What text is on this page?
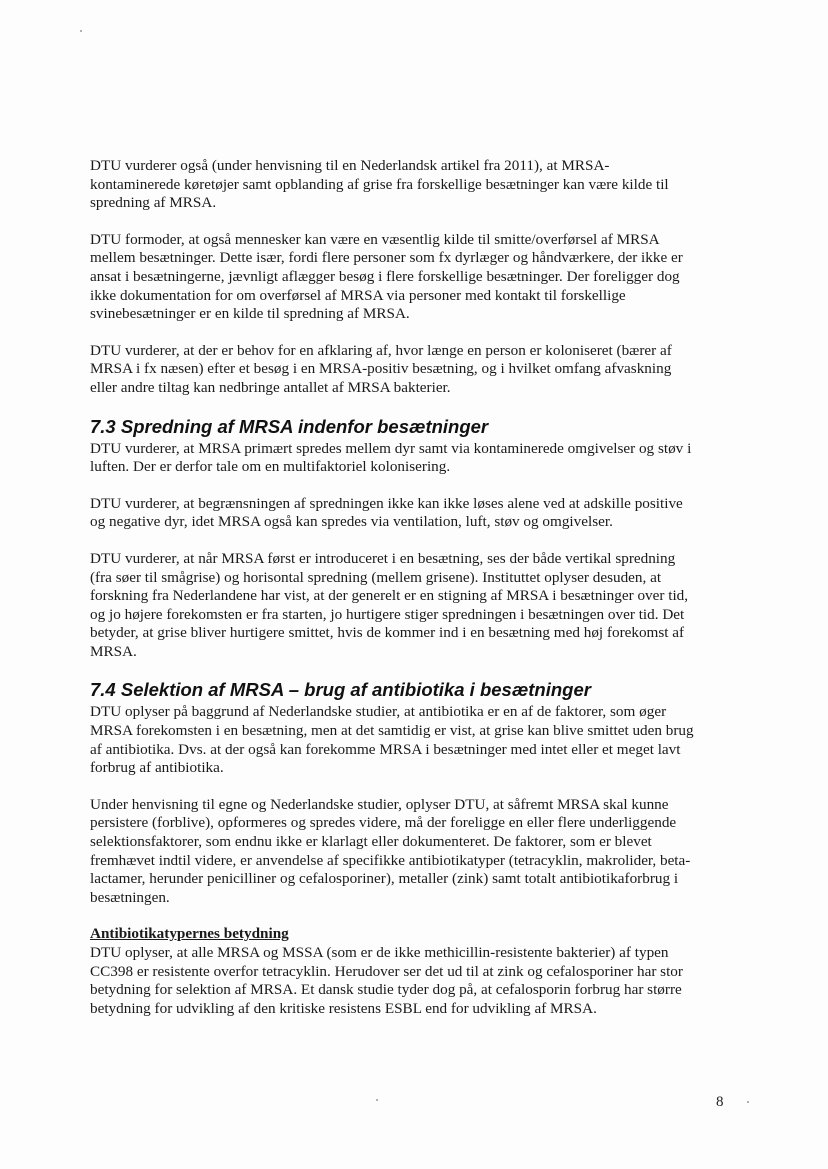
DTU vurderer også (under henvisning til en Nederlandsk artikel fra 2011), at MRSA-
kontaminerede køretøjer samt opblanding af grise fra forskellige besætninger kan være kilde til
spredning af MRSA.
DTU formoder, at også mennesker kan være en væsentlig kilde til smitte/overførsel af MRSA
mellem besætninger. Dette især, fordi flere personer som fx dyrlæger og håndværkere, der ikke er
ansat i besætningerne, jævnligt aflægger besøg i flere forskellige besætninger. Der foreligger dog
ikke dokumentation for om overførsel af MRSA via personer med kontakt til forskellige
svinebesætninger er en kilde til spredning af MRSA.
DTU vurderer, at der er behov for en afklaring af, hvor længe en person er koloniseret (bærer af
MRSA i fx næsen) efter et besøg i en MRSA-positiv besætning, og i hvilket omfang afvaskning
eller andre tiltag kan nedbringe antallet af MRSA bakterier.
7.3 Spredning af MRSA indenfor besætninger
DTU vurderer, at MRSA primært spredes mellem dyr samt via kontaminerede omgivelser og støv i
luften. Der er derfor tale om en multifaktoriel kolonisering.
DTU vurderer, at begrænsningen af spredningen ikke kan ikke løses alene ved at adskille positive
og negative dyr, idet MRSA også kan spredes via ventilation, luft, støv og omgivelser.
DTU vurderer, at når MRSA først er introduceret i en besætning, ses der både vertikal spredning
(fra søer til smågrise) og horisontal spredning (mellem grisene). Instituttet oplyser desuden, at
forskning fra Nederlandene har vist, at der generelt er en stigning af MRSA i besætninger over tid,
og jo højere forekomsten er fra starten, jo hurtigere stiger spredningen i besætningen over tid. Det
betyder, at grise bliver hurtigere smittet, hvis de kommer ind i en besætning med høj forekomst af
MRSA.
7.4 Selektion af MRSA – brug af antibiotika i besætninger
DTU oplyser på baggrund af Nederlandske studier, at antibiotika er en af de faktorer, som øger
MRSA forekomsten i en besætning, men at det samtidig er vist, at grise kan blive smittet uden brug
af antibiotika. Dvs. at der også kan forekomme MRSA i besætninger med intet eller et meget lavt
forbrug af antibiotika.
Under henvisning til egne og Nederlandske studier, oplyser DTU, at såfremt MRSA skal kunne
persistere (forblive), opformeres og spredes videre, må der foreligge en eller flere underliggende
selektionsfaktorer, som endnu ikke er klarlagt eller dokumenteret. De faktorer, som er blevet
fremhævet indtil videre, er anvendelse af specifikke antibiotikatyper (tetracyklin, makrolider, beta-
lactamer, herunder penicilliner og cefalosporiner), metaller (zink) samt totalt antibiotikaforbrug i
besætningen.
Antibiotikatypernes betydning
DTU oplyser, at alle MRSA og MSSA (som er de ikke methicillin-resistente bakterier) af typen
CC398 er resistente overfor tetracyklin. Herudover ser det ud til at zink og cefalosporiner har stor
betydning for selektion af MRSA. Et dansk studie tyder dog på, at cefalosporin forbrug har større
betydning for udvikling af den kritiske resistens ESBL end for udvikling af MRSA.
8
